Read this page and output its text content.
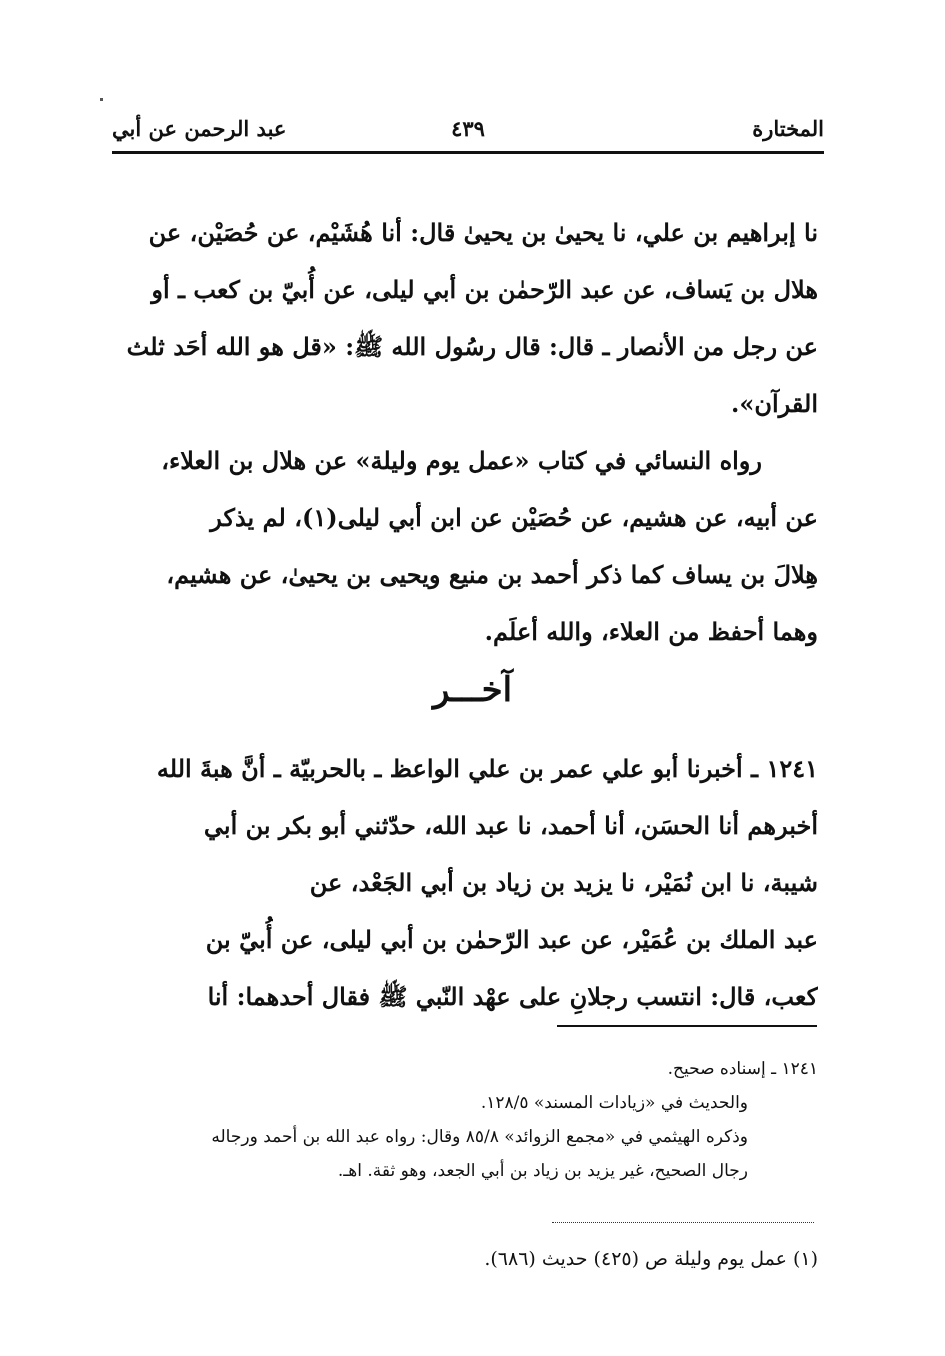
المختارة
٤٣٩
عبد الرحمن عن أبي
نا إبراهيم بن علي، نا يحيىٰ بن يحيىٰ قال: أنا هُشَيْم، عن حُصَيْن، عن
هلال بن يَساف، عن عبد الرّحمٰن بن أبي ليلى، عن أُبيّ بن كعب ـ أو
عن رجل من الأنصار ـ قال: قال رسُول الله ﷺ: «قل هو الله أحَد ثلث
القرآن».
رواه النسائي في كتاب «عمل يوم وليلة» عن هلال بن العلاء،
عن أبيه، عن هشيم، عن حُصَيْن عن ابن أبي ليلى(١)، لم يذكر
هِلالَ بن يساف كما ذكر أحمد بن منيع ويحيى بن يحيىٰ، عن هشيم،
وهما أحفظ من العلاء، والله أعلَم.
آخـــر
١٢٤١ ـ أخبرنا أبو علي عمر بن علي الواعظ ـ بالحربيّة ـ أنَّ هبةَ الله
أخبرهم أنا الحسَن، أنا أحمد، نا عبد الله، حدّثني أبو بكر بن أبي
شيبة، نا ابن نُمَيْر، نا يزيد بن زياد بن أبي الجَعْد، عن
عبد الملك بن عُمَيْر، عن عبد الرّحمٰن بن أبي ليلى، عن أُبيّ بن
كعب، قال: انتسب رجلانِ على عهْد النّبي ﷺ فقال أحدهما: أنا
١٢٤١ ـ إسناده صحيح.
والحديث في «زيادات المسند» ١٢٨/٥.
وذكره الهيثمي في «مجمع الزوائد» ٨٥/٨ وقال: رواه عبد الله بن أحمد ورجاله
رجال الصحيح، غير يزيد بن زياد بن أبي الجعد، وهو ثقة. اهـ.
(١) عمل يوم وليلة ص (٤٢٥) حديث (٦٨٦).
